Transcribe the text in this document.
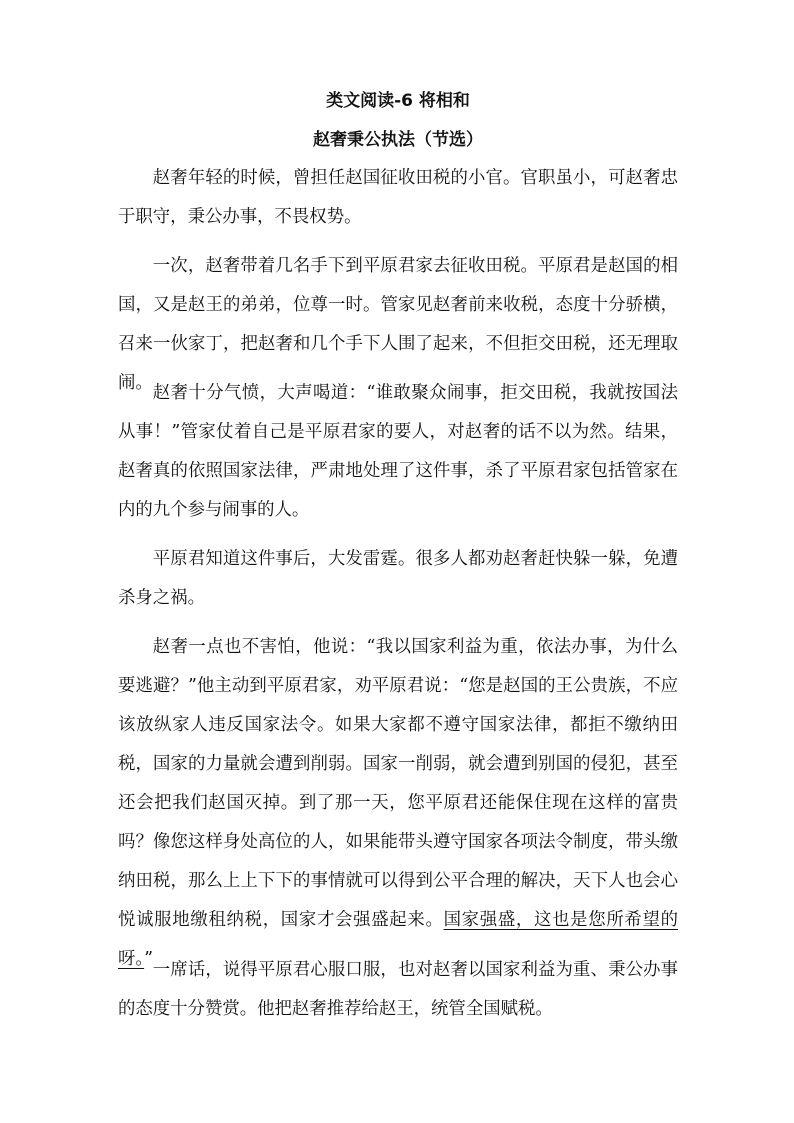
类文阅读-6 将相和
赵奢秉公执法（节选）

赵奢年轻的时候，曾担任赵国征收田税的小官。官职虽小，可赵奢忠于职守，秉公办事，不畏权势。

一次，赵奢带着几名手下到平原君家去征收田税。平原君是赵国的相国，又是赵王的弟弟，位尊一时。管家见赵奢前来收税，态度十分骄横，召来一伙家丁，把赵奢和几个手下人围了起来，不但拒交田税，还无理取闹。 赵奢十分气愤，大声喝道：“谁敢聚众闹事，拒交田税，我就按国法从事！”管家仗着自己是平原君家的要人，对赵奢的话不以为然。结果，赵奢真的依照国家法律，严肃地处理了这件事，杀了平原君家包括管家在内的九个参与闹事的人。

平原君知道这件事后，大发雷霆。很多人都劝赵奢赶快躲一躲，免遭杀身之祸。

赵奢一点也不害怕，他说：“我以国家利益为重，依法办事，为什么要逃避？”他主动到平原君家，劝平原君说：“您是赵国的王公贵族，不应该放纵家人违反国家法令。如果大家都不遵守国家法律，都拒不缴纳田税，国家的力量就会遭到削弱。国家一削弱，就会遭到别国的侵犯，甚至还会把我们赵国灭掉。到了那一天，您平原君还能保住现在这样的富贵吗？像您这样身处高位的人，如果能带头遵守国家各项法令制度，带头缴纳田税，那么上上下下的事情就可以得到公平合理的解决，天下人也会心悦诚服地缴租纳税，国家才会强盛起来。国家强盛，这也是您所希望的呀。”

一席话，说得平原君心服口服，也对赵奢以国家利益为重、秉公办事的态度十分赞赏。他把赵奢推荐给赵王，统管全国赋税。
